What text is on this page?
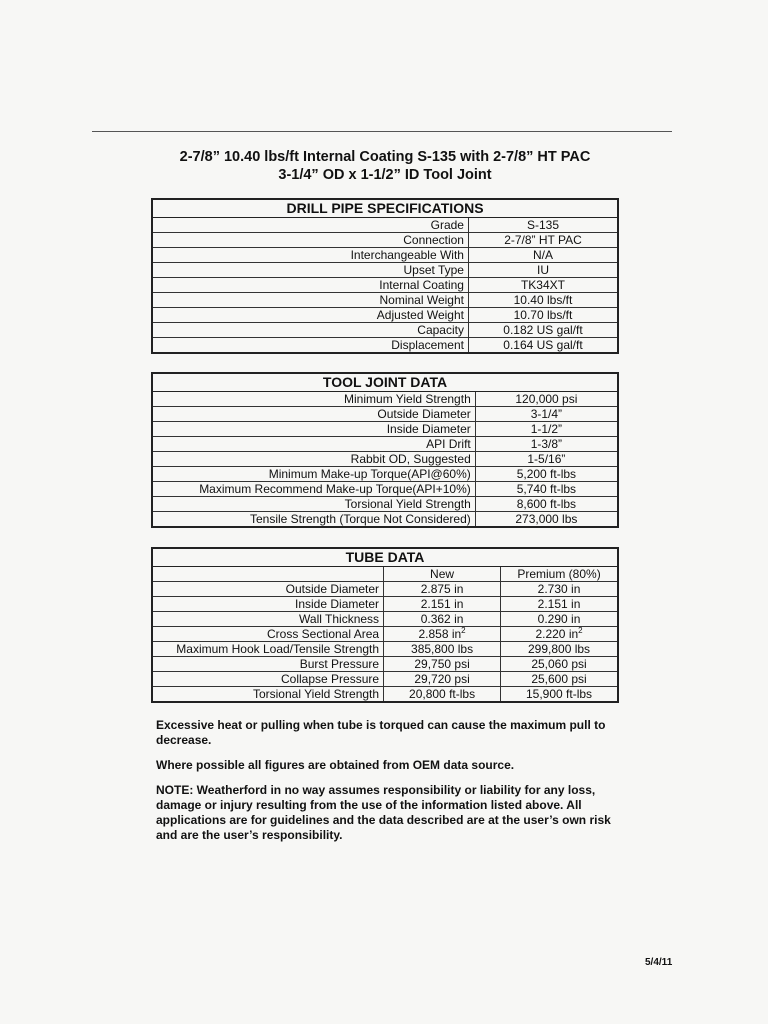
2-7/8” 10.40 lbs/ft Internal Coating S-135 with 2-7/8” HT PAC
3-1/4” OD x 1-1/2” ID Tool Joint
DRILL PIPE SPECIFICATIONS	
Grade	S-135
Connection	2-7/8” HT PAC
Interchangeable With	N/A
Upset Type	IU
Internal Coating	TK34XT
Nominal Weight	10.40 lbs/ft
Adjusted Weight	10.70 lbs/ft
Capacity	0.182 US gal/ft
Displacement	0.164 US gal/ft
TOOL JOINT DATA	
Minimum Yield Strength	120,000 psi
Outside Diameter	3-1/4”
Inside Diameter	1-1/2”
API Drift	1-3/8”
Rabbit OD, Suggested	1-5/16”
Minimum Make-up Torque(API@60%)	5,200 ft-lbs
Maximum Recommend Make-up Torque(API+10%)	5,740 ft-lbs
Torsional Yield Strength	8,600 ft-lbs
Tensile Strength (Torque Not Considered)	273,000 lbs
TUBE DATA		
	New	Premium (80%)
Outside Diameter	2.875 in	2.730 in
Inside Diameter	2.151 in	2.151 in
Wall Thickness	0.362 in	0.290 in
Cross Sectional Area	2.858 $in^2$	2.220 $in^2$
Maximum Hook Load/Tensile Strength	385,800 lbs	299,800 lbs
Burst Pressure	29,750 psi	25,060 psi
Collapse Pressure	29,720 psi	25,600 psi
Torsional Yield Strength	20,800 ft-lbs	15,900 ft-lbs

Excessive heat or pulling when tube is torqued can cause the maximum pull to decrease.

Where possible all figures are obtained from OEM data source.

NOTE: Weatherford in no way assumes responsibility or liability for any loss, damage or injury resulting from the use of the information listed above. All applications are for guidelines and the data described are at the user’s own risk and are the user’s responsibility.

5/4/11
